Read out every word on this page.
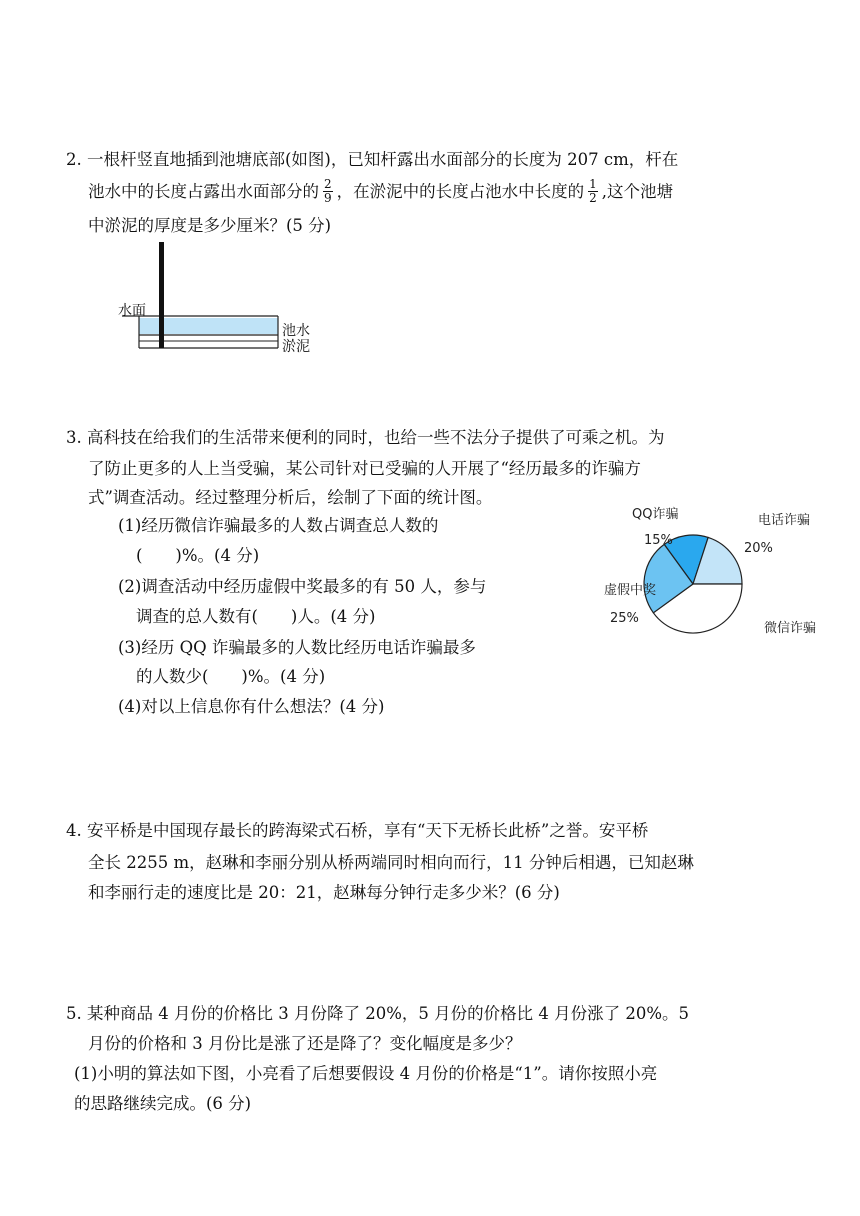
2. 一根杆竖直地插到池塘底部(如图)，已知杆露出水面部分的长度为 207 cm，杆在
池水中的长度占露出水面部分的 $\frac{2}{9}$ ，在淤泥中的长度占池水中长度的 $\frac{1}{2}$ ,这个池塘
中淤泥的厚度是多少厘米？(5 分)
水面
池水
淤泥
3. 高科技在给我们的生活带来便利的同时，也给一些不法分子提供了可乘之机。为
了防止更多的人上当受骗，某公司针对已受骗的人开展了“经历最多的诈骗方
式”调查活动。经过整理分析后，绘制了下面的统计图。
(1)经历微信诈骗最多的人数占调查总人数的
(　　)%。(4 分)
(2)调查活动中经历虚假中奖最多的有 50 人，参与
调查的总人数有(　　)人。(4 分)
(3)经历 QQ 诈骗最多的人数比经历电话诈骗最多
的人数少(　　)%。(4 分)
(4)对以上信息你有什么想法？(4 分)
QQ诈骗
15%
电话诈骗
20%
微信诈骗
虚假中奖
25%
4. 安平桥是中国现存最长的跨海梁式石桥，享有“天下无桥长此桥”之誉。安平桥
全长 2255 m，赵琳和李丽分别从桥两端同时相向而行，11 分钟后相遇，已知赵琳
和李丽行走的速度比是 20：21，赵琳每分钟行走多少米？(6 分)
5. 某种商品 4 月份的价格比 3 月份降了 20%，5 月份的价格比 4 月份涨了 20%。5
月份的价格和 3 月份比是涨了还是降了？变化幅度是多少？
(1)小明的算法如下图，小亮看了后想要假设 4 月份的价格是“1”。请你按照小亮
的思路继续完成。(6 分)
